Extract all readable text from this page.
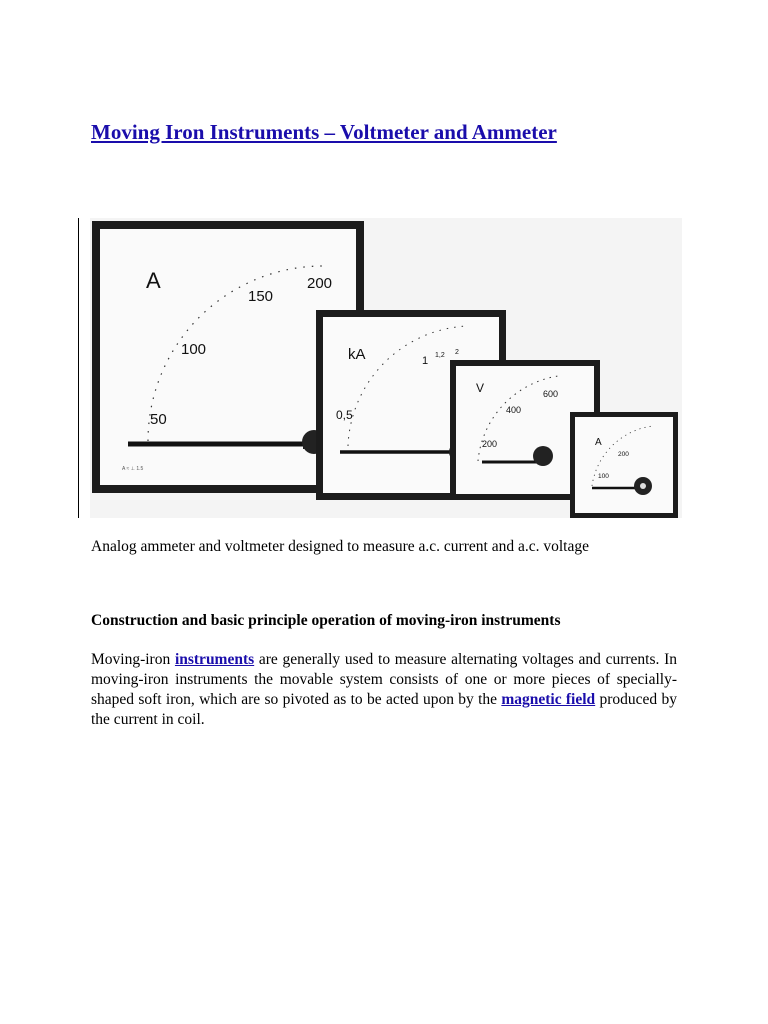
Moving Iron Instruments – Voltmeter and Ammeter
A
50
100
150
200
A ≈ ⊥ 1.5
kA
0,5
1 1,2 2
V
200
400
600
A
100
200
Analog ammeter and voltmeter designed to measure a.c. current and a.c. voltage
Construction and basic principle operation of moving-iron instruments

Moving-iron instruments are generally used to measure alternating voltages and currents. In moving-iron instruments the movable system consists of one or more pieces of specially-shaped soft iron, which are so pivoted as to be acted upon by the magnetic field produced by the current in coil.
